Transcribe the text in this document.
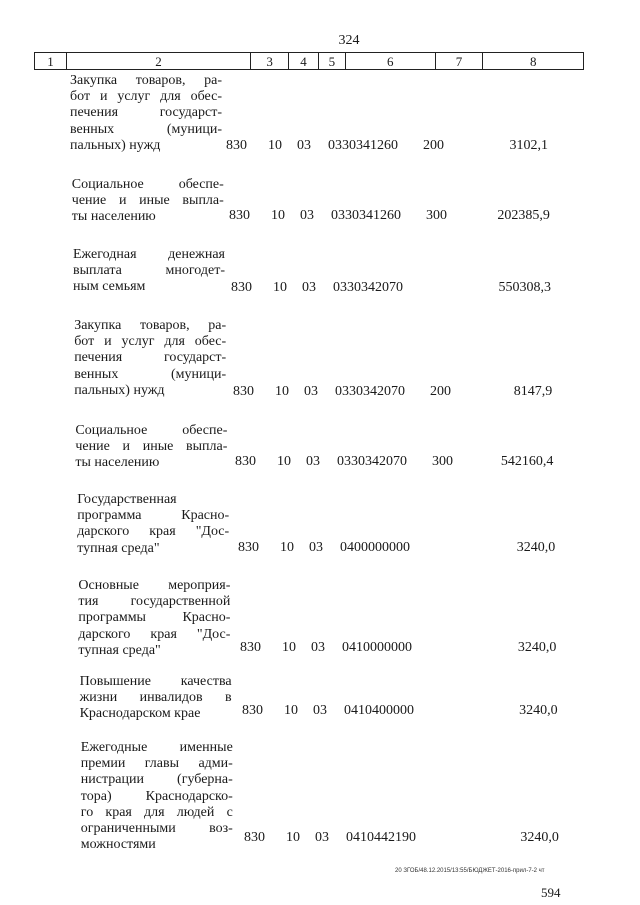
324
1	2	3	4	5	6	7	8
Закупка товаров, ра-
бот и услуг для обес-
печения государст-
венных (муници-
пальных) нужд	830 10 03 0330341260 200	3102,1
Социальное обеспе-
чение и иные выпла-
ты населению	830 10 03 0330341260 300	202385,9
Ежегодная денежная
выплата многодет-
ным семьям	830 10 03 0330342070	550308,3
Закупка товаров, ра-
бот и услуг для обес-
печения государст-
венных (муници-
пальных) нужд	830 10 03 0330342070 200	8147,9
Социальное обеспе-
чение и иные выпла-
ты населению	830 10 03 0330342070 300	542160,4
Государственная
программа Красно-
дарского края "Дос-
тупная среда"	830 10 03 0400000000	3240,0
Основные мероприя-
тия государственной
программы Красно-
дарского края "Дос-
тупная среда"	830 10 03 0410000000	3240,0
Повышение качества
жизни инвалидов в
Краснодарском крае	830 10 03 0410400000	3240,0
Ежегодные именные
премии главы адми-
нистрации (губерна-
тора) Краснодарско-
го края для людей с
ограниченными воз-
можностями	830 10 03 0410442190	3240,0
20 ЗГОБ/48.12.2015/13:55/БЮДЖЕТ-2016-прил-7-2 чт
594
